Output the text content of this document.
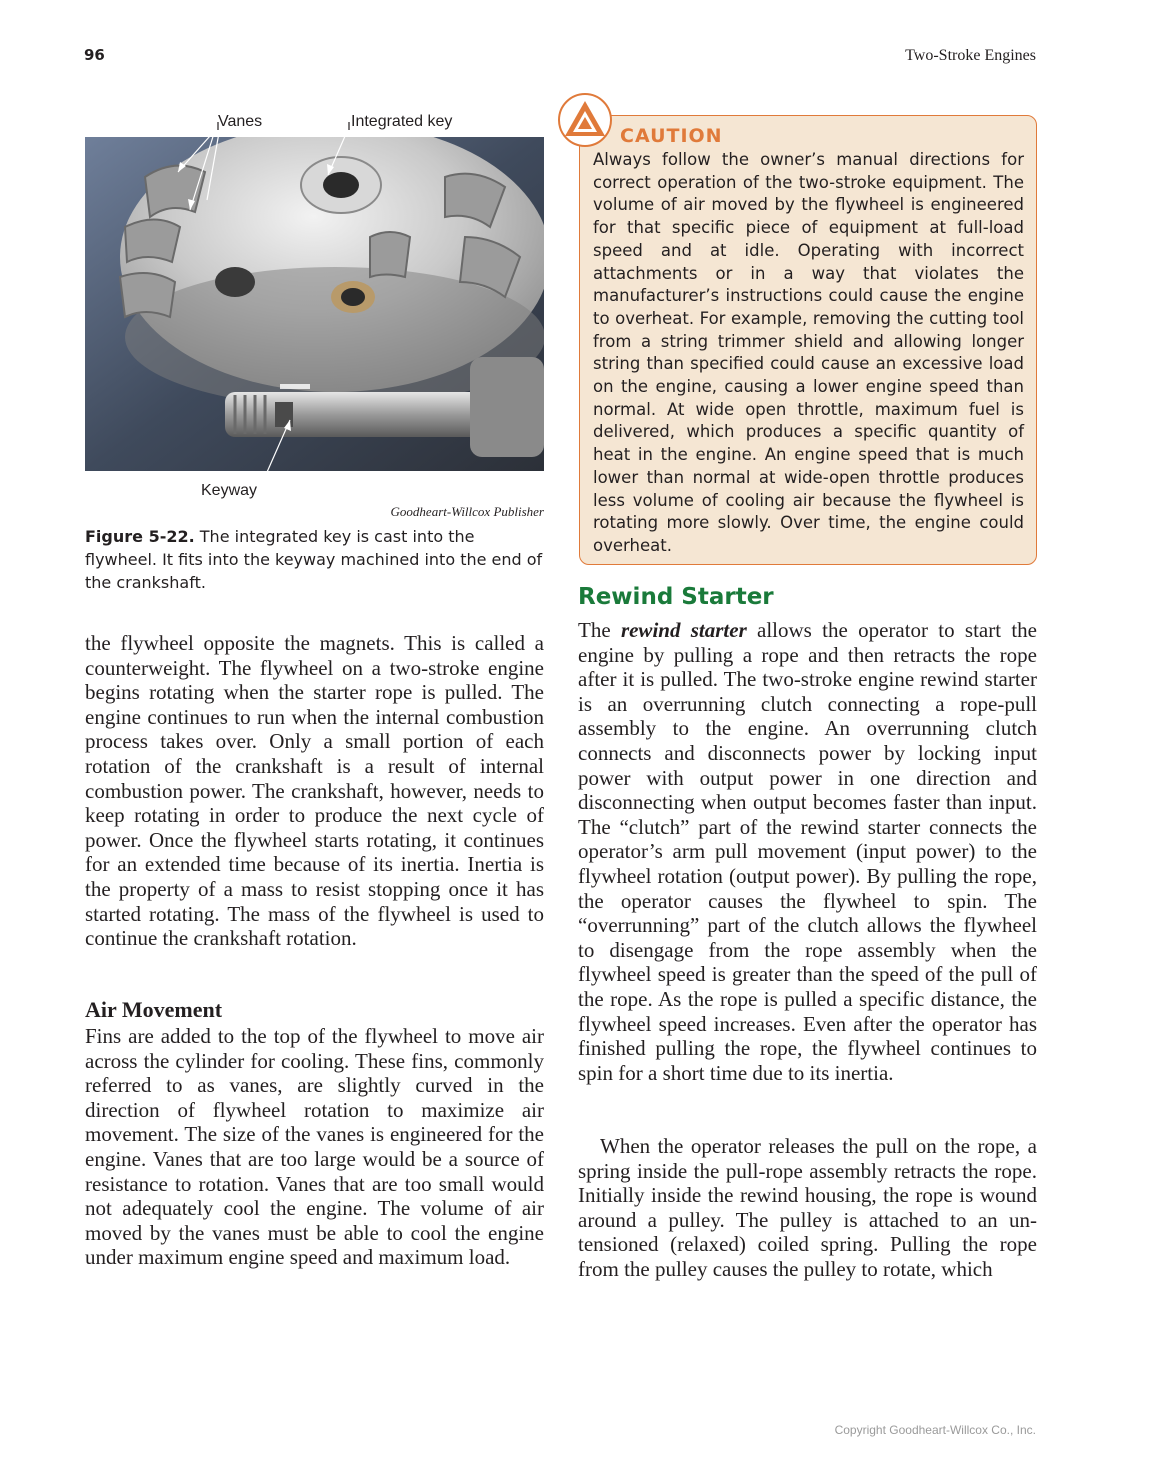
96	Two-Stroke Engines
Vanes	Integrated key
Keyway
Goodheart-Willcox Publisher
Figure 5-22. The integrated key is cast into the flywheel. It fits into the keyway machined into the end of the crankshaft.

the flywheel opposite the magnets. This is called a counterweight. The flywheel on a two-stroke engine begins rotating when the starter rope is pulled. The engine continues to run when the internal combustion process takes over. Only a small portion of each rotation of the crankshaft is a result of internal combustion power. The crankshaft, however, needs to keep rotating in order to produce the next cycle of power. Once the flywheel starts rotating, it continues for an extended time because of its inertia. Inertia is the property of a mass to resist stopping once it has started rotating. The mass of the flywheel is used to continue the crankshaft rotation.

Air Movement

Fins are added to the top of the flywheel to move air across the cylinder for cooling. These fins, commonly referred to as vanes, are slightly curved in the direction of flywheel rotation to maximize air movement. The size of the vanes is engineered for the engine. Vanes that are too large would be a source of resistance to rotation. Vanes that are too small would not adequately cool the engine. The volume of air moved by the vanes must be able to cool the engine under maximum engine speed and maximum load.

CAUTION
Always follow the owner’s manual directions for correct operation of the two-stroke equipment. The volume of air moved by the flywheel is engineered for that specific piece of equipment at full-load speed and at idle. Operating with incorrect attachments or in a way that violates the manufacturer’s instructions could cause the engine to overheat. For example, removing the cutting tool from a string trimmer shield and allowing longer string than specified could cause an excessive load on the engine, causing a lower engine speed than normal. At wide open throttle, maximum fuel is delivered, which produces a specific quantity of heat in the engine. An engine speed that is much lower than normal at wide-open throttle produces less volume of cooling air because the flywheel is rotating more slowly. Over time, the engine could overheat.
Rewind Starter

The rewind starter allows the operator to start the engine by pulling a rope and then retracts the rope after it is pulled. The two-stroke engine rewind starter is an overrunning clutch connecting a rope-pull assembly to the engine. An overrunning clutch connects and disconnects power by locking input power with output power in one direction and disconnecting when output becomes faster than input. The “clutch” part of the rewind starter connects the operator’s arm pull movement (input power) to the flywheel rotation (output power). By pulling the rope, the operator causes the flywheel to spin. The “overrunning” part of the clutch allows the flywheel to disengage from the rope assembly when the flywheel speed is greater than the speed of the pull of the rope. As the rope is pulled a specific distance, the flywheel speed increases. Even after the operator has finished pulling the rope, the flywheel continues to spin for a short time due to its inertia.

When the operator releases the pull on the rope, a spring inside the pull-rope assembly retracts the rope. Initially inside the rewind housing, the rope is wound around a pulley. The pulley is attached to an un-tensioned (relaxed) coiled spring. Pulling the rope from the pulley causes the pulley to rotate, which

Copyright Goodheart-Willcox Co., Inc.
